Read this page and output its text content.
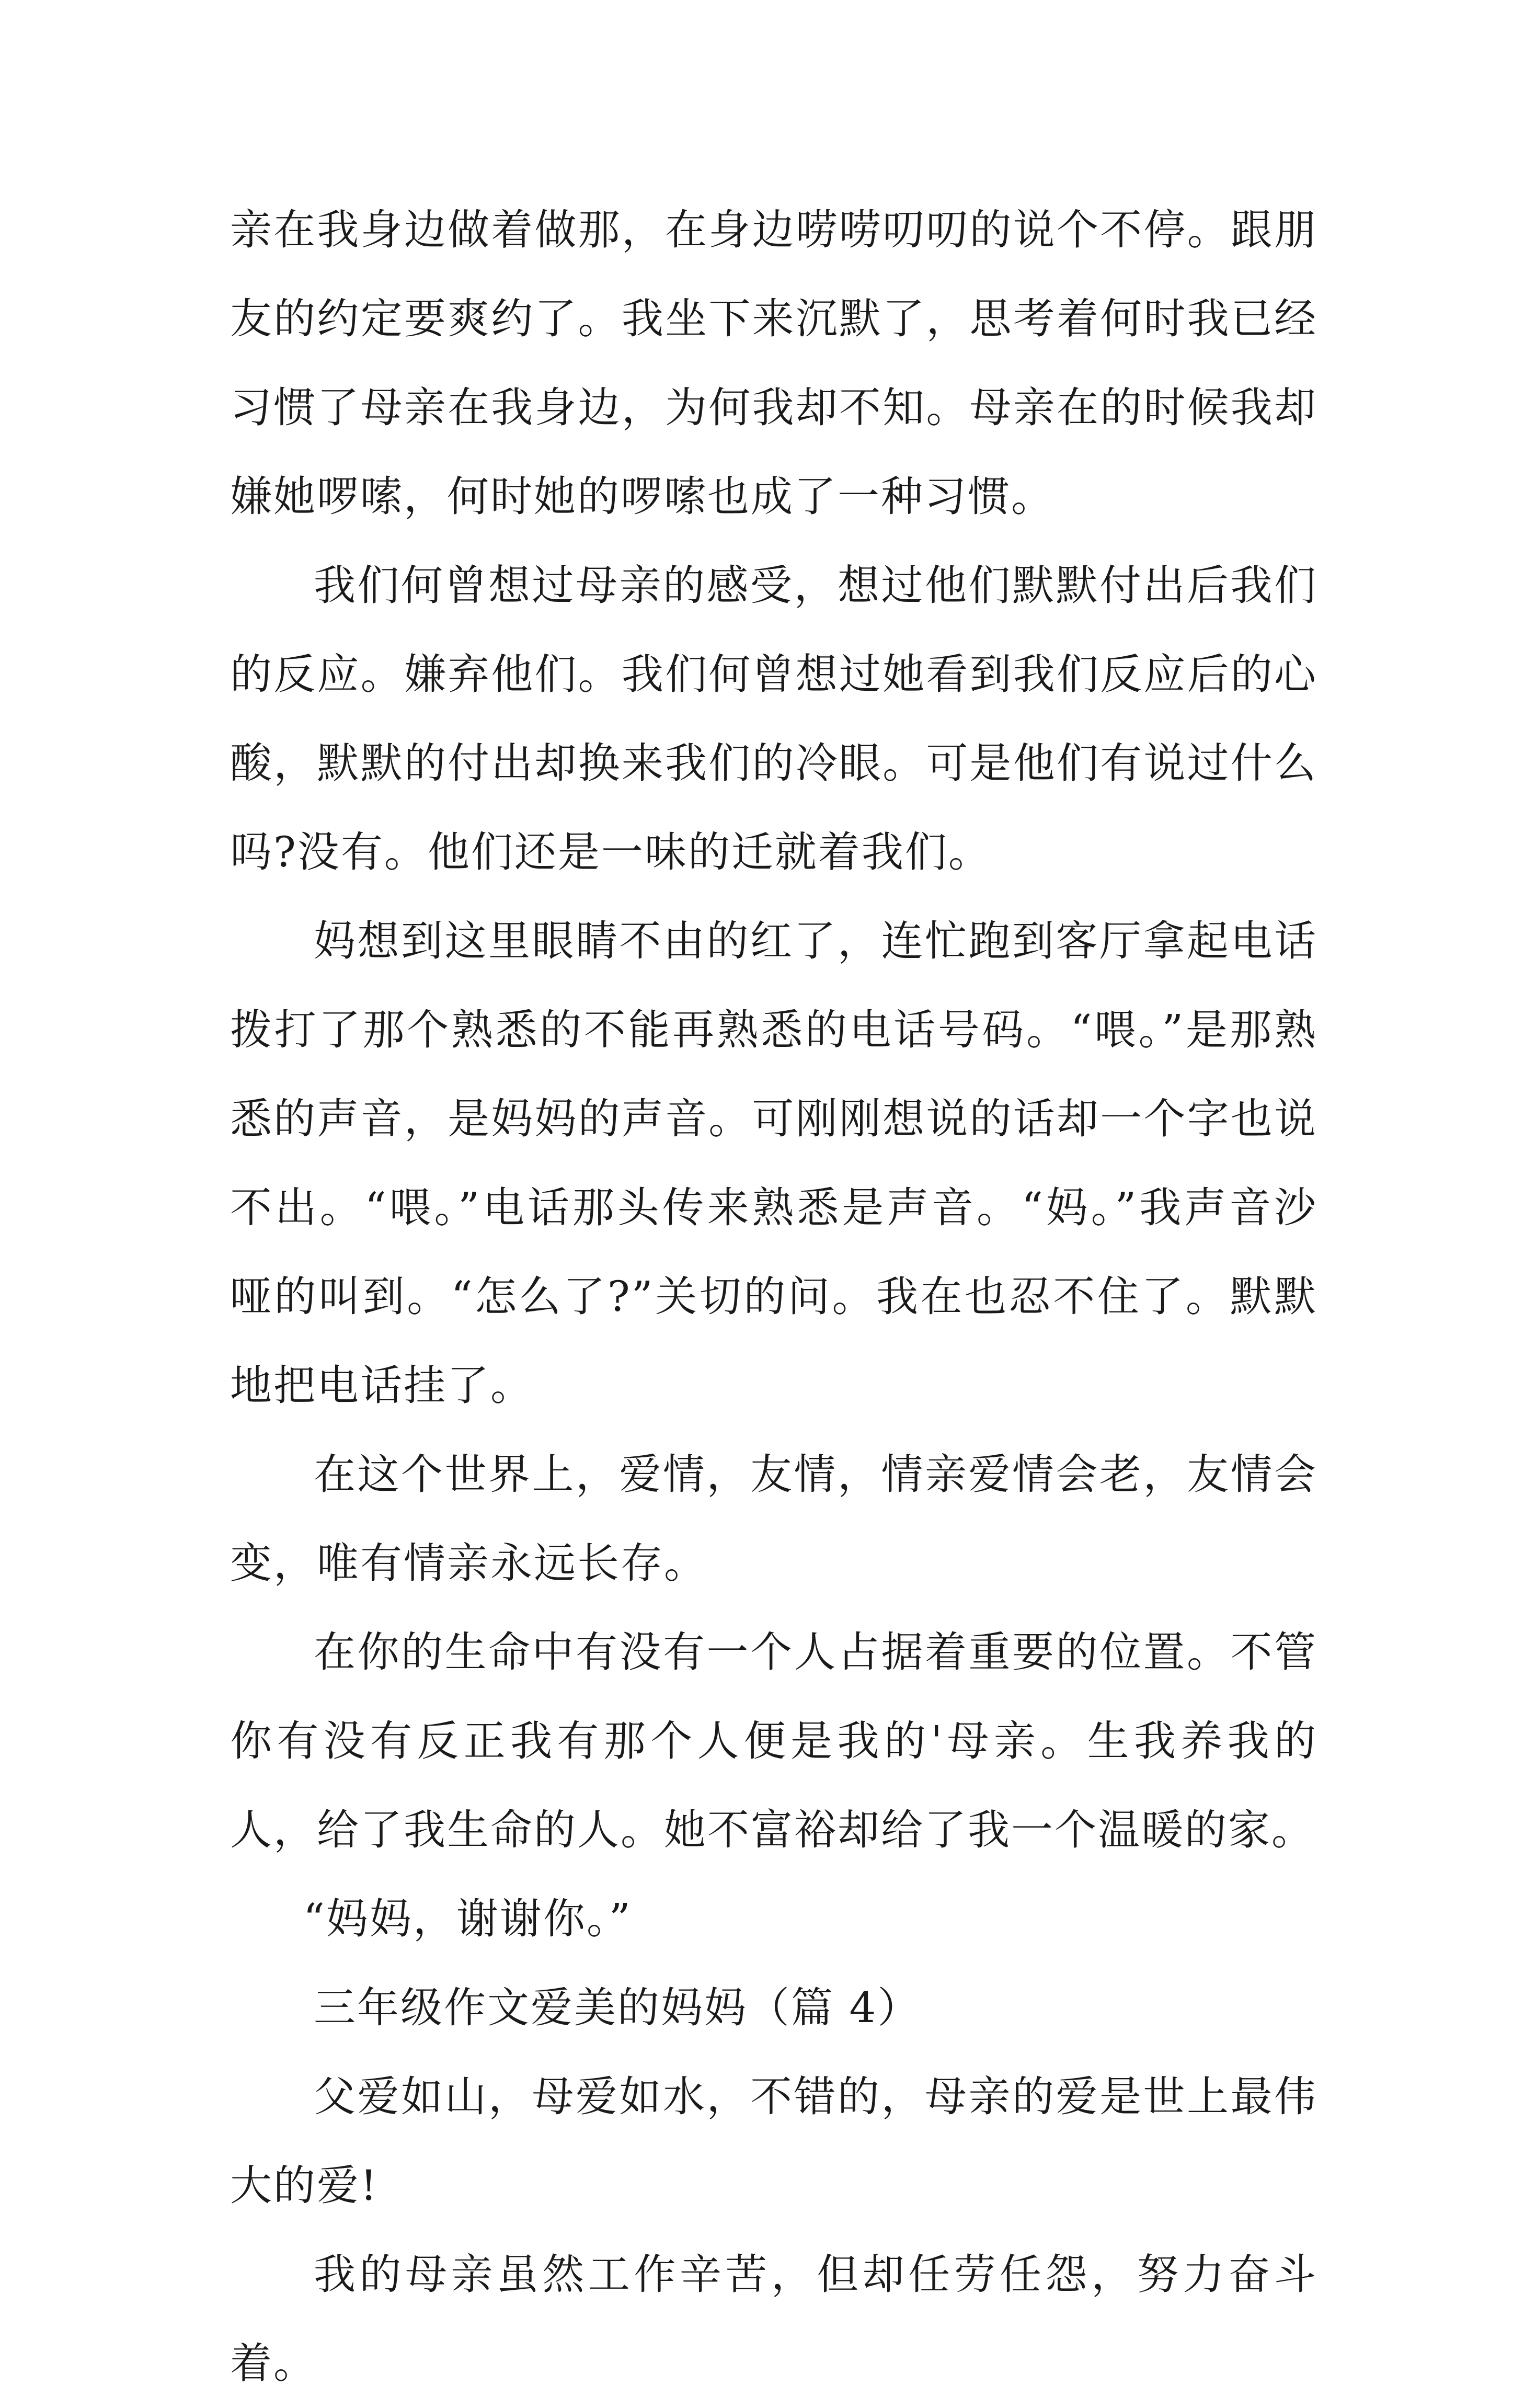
亲在我身边做着做那，在身边唠唠叨叨的说个不停。跟朋友的约定要爽约了。我坐下来沉默了，思考着何时我已经习惯了母亲在我身边，为何我却不知。母亲在的时候我却嫌她啰嗦，何时她的啰嗦也成了一种习惯。

我们何曾想过母亲的感受，想过他们默默付出后我们的反应。嫌弃他们。我们何曾想过她看到我们反应后的心酸，默默的付出却换来我们的冷眼。可是他们有说过什么吗?没有。他们还是一味的迁就着我们。

妈想到这里眼睛不由的红了，连忙跑到客厅拿起电话拨打了那个熟悉的不能再熟悉的电话号码。“喂。”是那熟悉的声音，是妈妈的声音。可刚刚想说的话却一个字也说不出。“喂。”电话那头传来熟悉是声音。“妈。”我声音沙哑的叫到。“怎么了?”关切的问。我在也忍不住了。默默地把电话挂了。

在这个世界上，爱情，友情，情亲爱情会老，友情会变，唯有情亲永远长存。

在你的生命中有没有一个人占据着重要的位置。不管你有没有反正我有那个人便是我的'母亲。生我养我的人，给了我生命的人。她不富裕却给了我一个温暖的家。

“妈妈，谢谢你。”

三年级作文爱美的妈妈（篇 4）

父爱如山，母爱如水，不错的，母亲的爱是世上最伟大的爱!

我的母亲虽然工作辛苦，但却任劳任怨，努力奋斗着。
